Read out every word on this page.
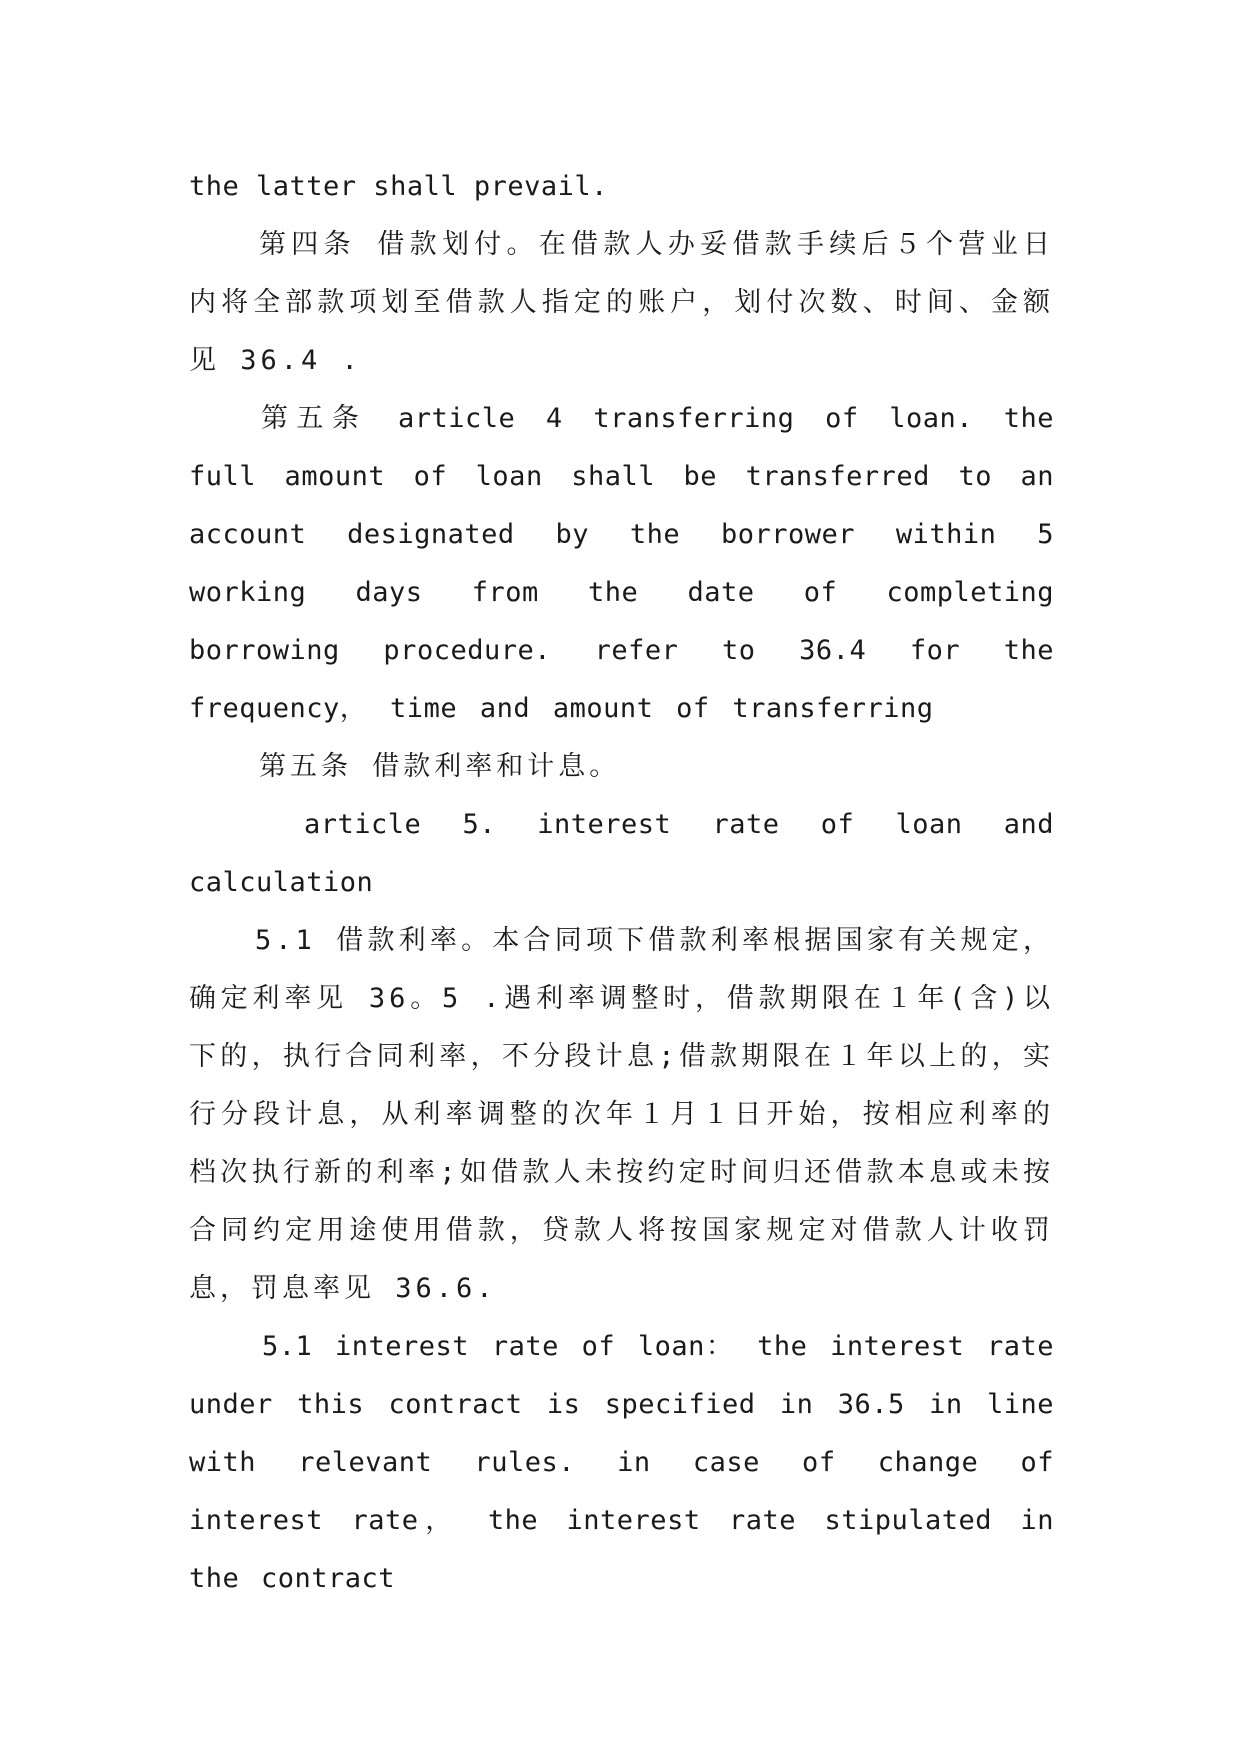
the latter shall prevail.

第四条 借款划付。在借款人办妥借款手续后５个营业日内将全部款项划至借款人指定的账户，划付次数、时间、金额见 36.4 .

第五条 article 4 transferring of loan. the full amount of loan shall be transferred to an account designated by the borrower within 5 working days from the date of completing borrowing procedure. refer to 36.4 for the frequency， time and amount of transferring

第五条 借款利率和计息。

article 5. interest rate of loan and calculation

5.1 借款利率。本合同项下借款利率根据国家有关规定，确定利率见 36。5 .遇利率调整时，借款期限在１年(含)以下的，执行合同利率，不分段计息;借款期限在１年以上的，实行分段计息，从利率调整的次年１月１日开始，按相应利率的档次执行新的利率;如借款人未按约定时间归还借款本息或未按合同约定用途使用借款，贷款人将按国家规定对借款人计收罚息，罚息率见 36.6.

5.1 interest rate of loan： the interest rate under this contract is specified in 36.5 in line with relevant rules. in case of change of interest rate， the interest rate stipulated in the contract
